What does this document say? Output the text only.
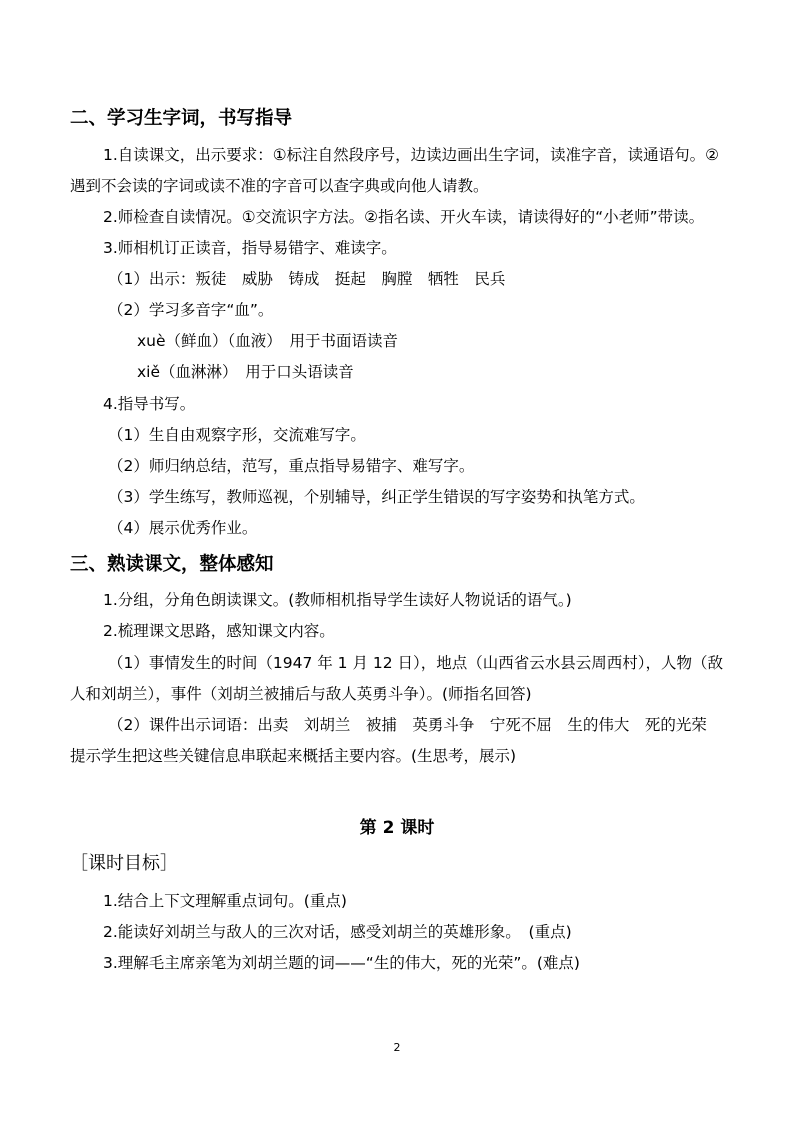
二、学习生字词，书写指导
1.自读课文，出示要求：①标注自然段序号，边读边画出生字词，读准字音，读通语句。②
遇到不会读的字词或读不准的字音可以查字典或向他人请教。
2.师检查自读情况。①交流识字方法。②指名读、开火车读，请读得好的“小老师”带读。
3.师相机订正读音，指导易错字、难读字。
（1）出示：叛徒　威胁　铸成　挺起　胸膛　牺牲　民兵
（2）学习多音字“血”。
xuè（鲜血）（血液）　用于书面语读音
xiě（血淋淋）　用于口头语读音
4.指导书写。
（1）生自由观察字形，交流难写字。
（2）师归纳总结，范写，重点指导易错字、难写字。
（3）学生练写，教师巡视，个别辅导，纠正学生错误的写字姿势和执笔方式。
（4）展示优秀作业。
三、熟读课文，整体感知
1.分组，分角色朗读课文。(教师相机指导学生读好人物说话的语气。)
2.梳理课文思路，感知课文内容。
（1）事情发生的时间（1947 年 1 月 12 日），地点（山西省云水县云周西村），人物（敌
人和刘胡兰），事件（刘胡兰被捕后与敌人英勇斗争）。(师指名回答)
（2）课件出示词语：出卖　刘胡兰　被捕　英勇斗争　宁死不屈　生的伟大　死的光荣
提示学生把这些关键信息串联起来概括主要内容。(生思考，展示)
第 2 课时
［课时目标］
1.结合上下文理解重点词句。(重点)
2.能读好刘胡兰与敌人的三次对话，感受刘胡兰的英雄形象。　(重点)
3.理解毛主席亲笔为刘胡兰题的词——“生的伟大，死的光荣”。(难点)
2
